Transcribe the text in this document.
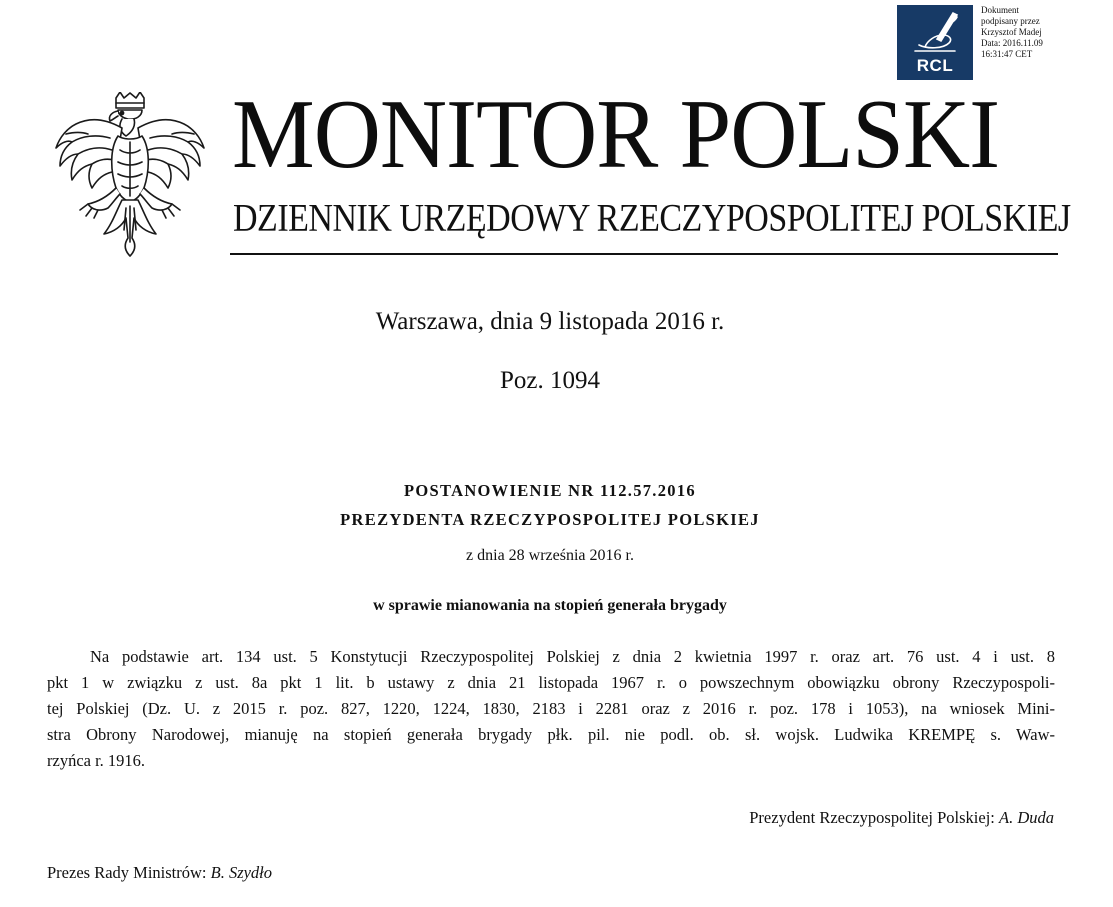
RCL
Dokument
podpisany przez
Krzysztof Madej
Data: 2016.11.09
16:31:47 CET
MONITOR POLSKI
DZIENNIK URZĘDOWY RZECZYPOSPOLITEJ POLSKIEJ
Warszawa, dnia 9 listopada 2016 r.
Poz. 1094
POSTANOWIENIE NR 112.57.2016
PREZYDENTA RZECZYPOSPOLITEJ POLSKIEJ
z dnia 28 września 2016 r.
w sprawie mianowania na stopień generała brygady
Na podstawie art. 134 ust. 5 Konstytucji Rzeczypospolitej Polskiej z dnia 2 kwietnia 1997 r. oraz art. 76 ust. 4 i ust. 8
pkt 1 w związku z ust. 8a pkt 1 lit. b ustawy z dnia 21 listopada 1967 r. o powszechnym obowiązku obrony Rzeczypospoli-
tej Polskiej (Dz. U. z 2015 r. poz. 827, 1220, 1224, 1830, 2183 i 2281 oraz z 2016 r. poz. 178 i 1053), na wniosek Mini-
stra Obrony Narodowej, mianuję na stopień generała brygady płk. pil. nie podl. ob. sł. wojsk. Ludwika KREMPĘ s. Waw-
rzyńca r. 1916.
Prezydent Rzeczypospolitej Polskiej: A. Duda
Prezes Rady Ministrów: B. Szydło
